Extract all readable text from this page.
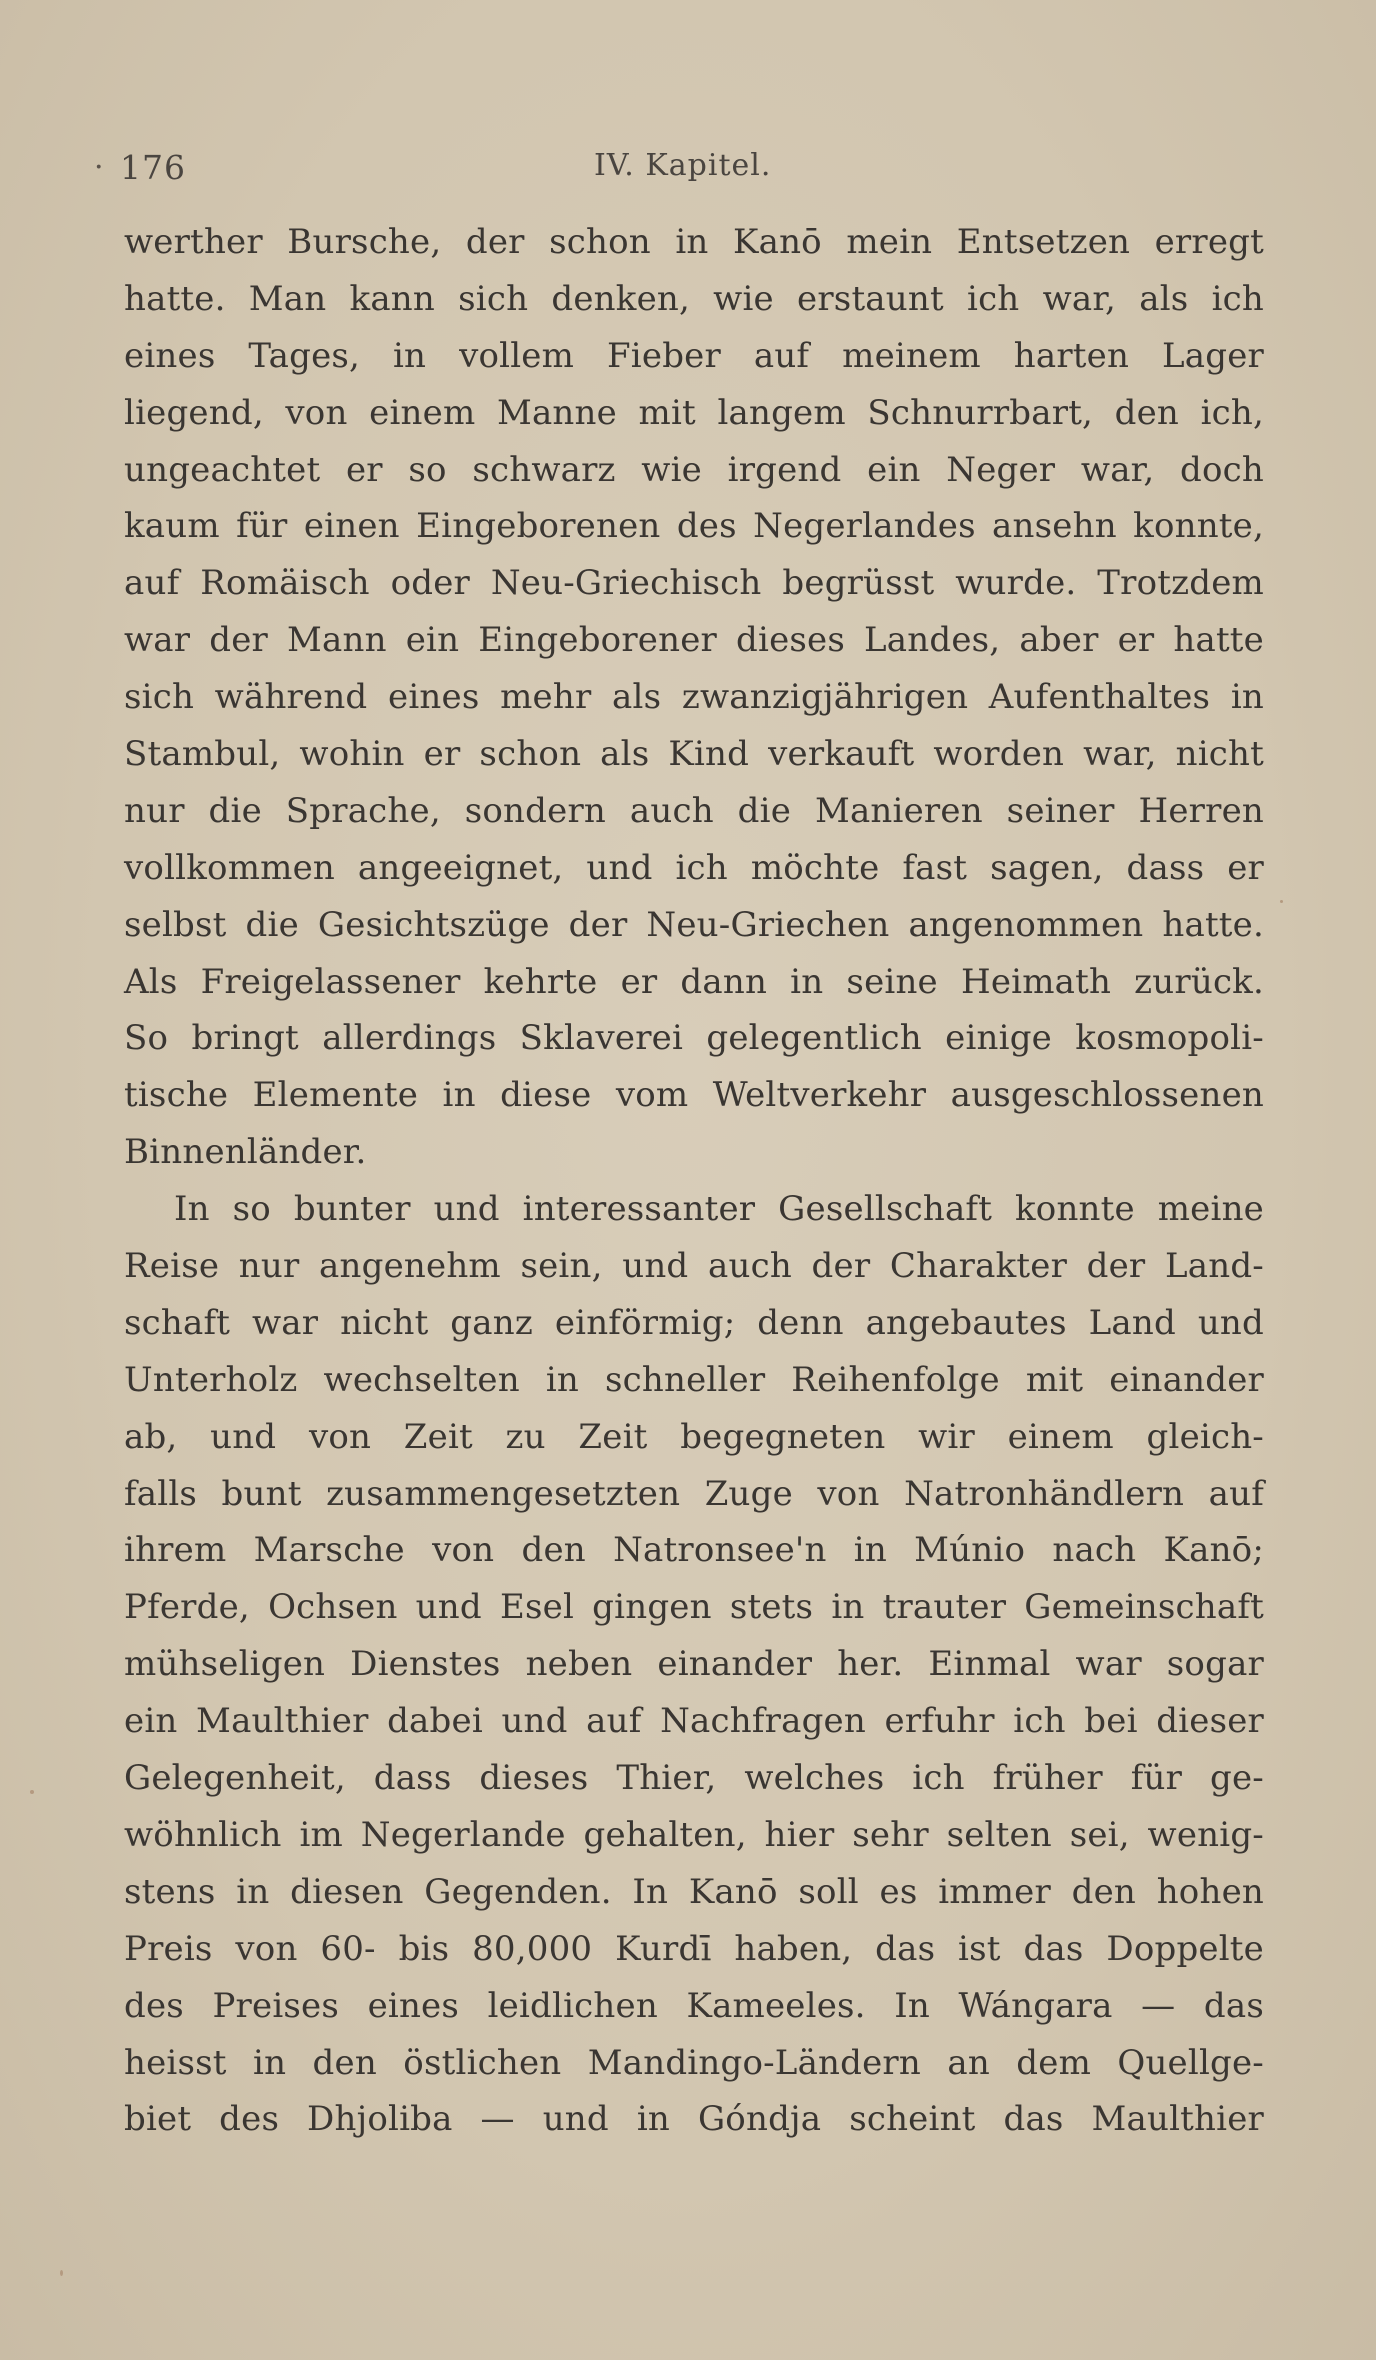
· 176	IV. Kapitel.
werther Bursche, der schon in Kanō mein Entsetzen erregt
hatte. Man kann sich denken, wie erstaunt ich war, als ich
eines Tages, in vollem Fieber auf meinem harten Lager
liegend, von einem Manne mit langem Schnurrbart, den ich,
ungeachtet er so schwarz wie irgend ein Neger war, doch
kaum für einen Eingeborenen des Negerlandes ansehn konnte,
auf Romäisch oder Neu-Griechisch begrüsst wurde. Trotzdem
war der Mann ein Eingeborener dieses Landes, aber er hatte
sich während eines mehr als zwanzigjährigen Aufenthaltes in
Stambul, wohin er schon als Kind verkauft worden war, nicht
nur die Sprache, sondern auch die Manieren seiner Herren
vollkommen angeeignet, und ich möchte fast sagen, dass er
selbst die Gesichtszüge der Neu-Griechen angenommen hatte.
Als Freigelassener kehrte er dann in seine Heimath zurück.
So bringt allerdings Sklaverei gelegentlich einige kosmopoli-
tische Elemente in diese vom Weltverkehr ausgeschlossenen
Binnenländer.
In so bunter und interessanter Gesellschaft konnte meine
Reise nur angenehm sein, und auch der Charakter der Land-
schaft war nicht ganz einförmig; denn angebautes Land und
Unterholz wechselten in schneller Reihenfolge mit einander
ab, und von Zeit zu Zeit begegneten wir einem gleich-
falls bunt zusammengesetzten Zuge von Natronhändlern auf
ihrem Marsche von den Natronsee'n in Múnio nach Kanō;
Pferde, Ochsen und Esel gingen stets in trauter Gemeinschaft
mühseligen Dienstes neben einander her. Einmal war sogar
ein Maulthier dabei und auf Nachfragen erfuhr ich bei dieser
Gelegenheit, dass dieses Thier, welches ich früher für ge-
wöhnlich im Negerlande gehalten, hier sehr selten sei, wenig-
stens in diesen Gegenden. In Kanō soll es immer den hohen
Preis von 60- bis 80,000 Kurdī haben, das ist das Doppelte
des Preises eines leidlichen Kameeles. In Wángara — das
heisst in den östlichen Mandingo-Ländern an dem Quellge-
biet des Dhjoliba — und in Góndja scheint das Maulthier
